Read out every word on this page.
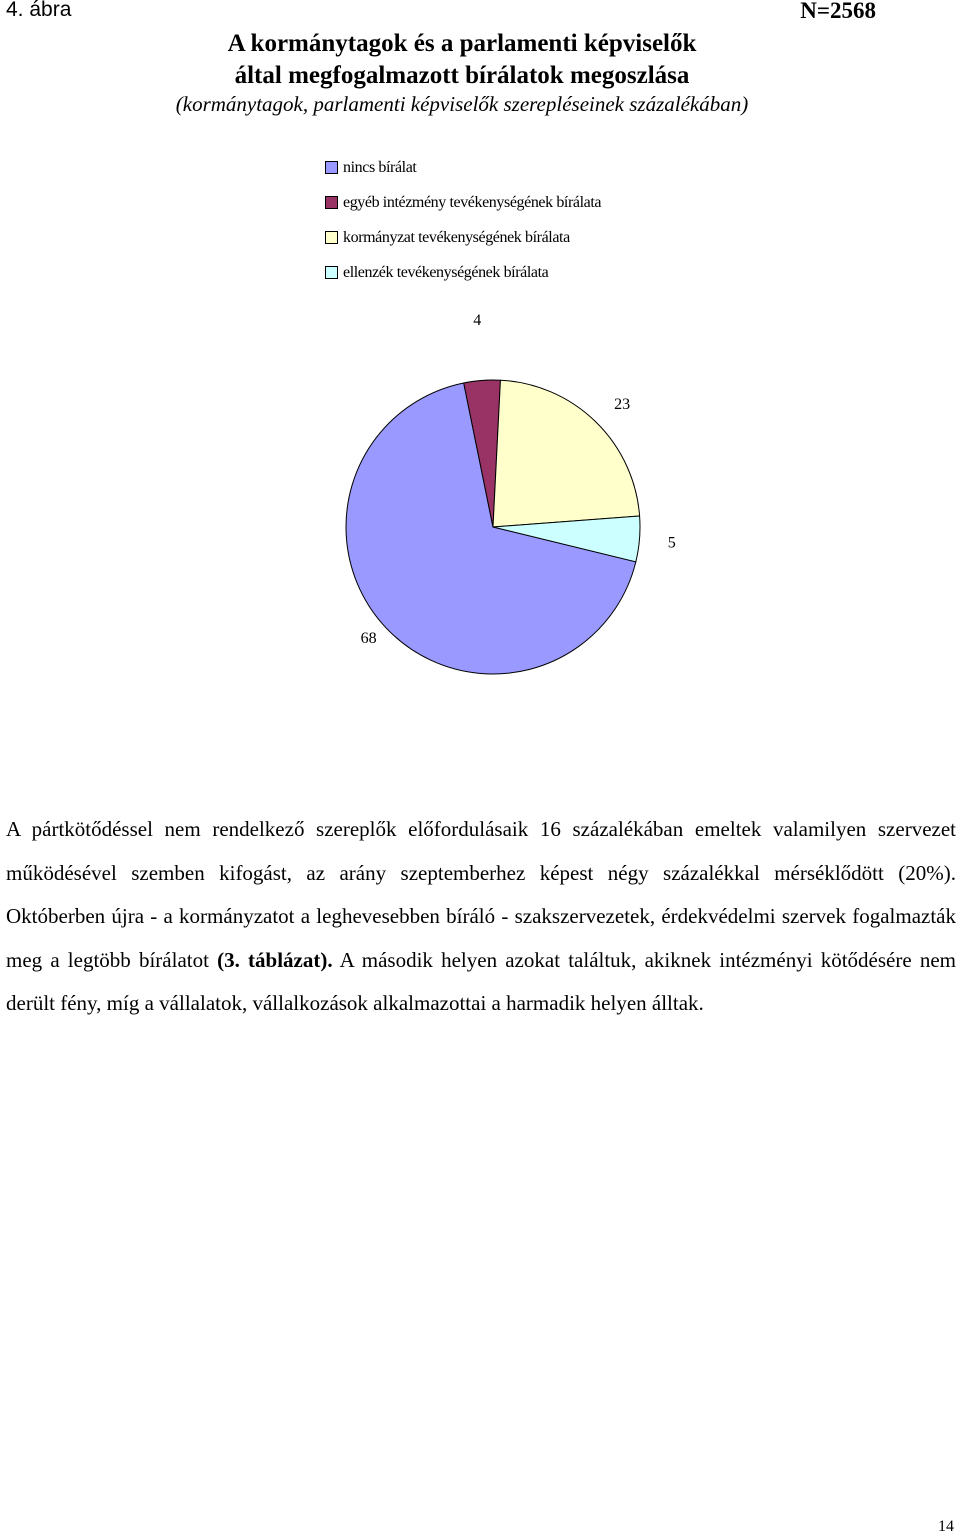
4. ábra	N=2568
A kormánytagok és a parlamenti képviselők
által megfogalmazott bírálatok megoszlása
(kormánytagok, parlamenti képviselők szerepléseinek százalékában)
nincs bírálat
egyéb intézmény tevékenységének bírálata
kormányzat tevékenységének bírálata
ellenzék tevékenységének bírálata
68
4
23
5
A pártkötődéssel nem rendelkező szereplők előfordulásaik 16 százalékában emeltek valamilyen szervezet működésével szemben kifogást, az arány szeptemberhez képest négy százalékkal mérséklődött (20%). Októberben újra - a kormányzatot a leghevesebben bíráló - szakszervezetek, érdekvédelmi szervek fogalmazták meg a legtöbb bírálatot (3. táblázat). A második helyen azokat találtuk, akiknek intézményi kötődésére nem derült fény, míg a vállalatok, vállalkozások alkalmazottai a harmadik helyen álltak.
14
